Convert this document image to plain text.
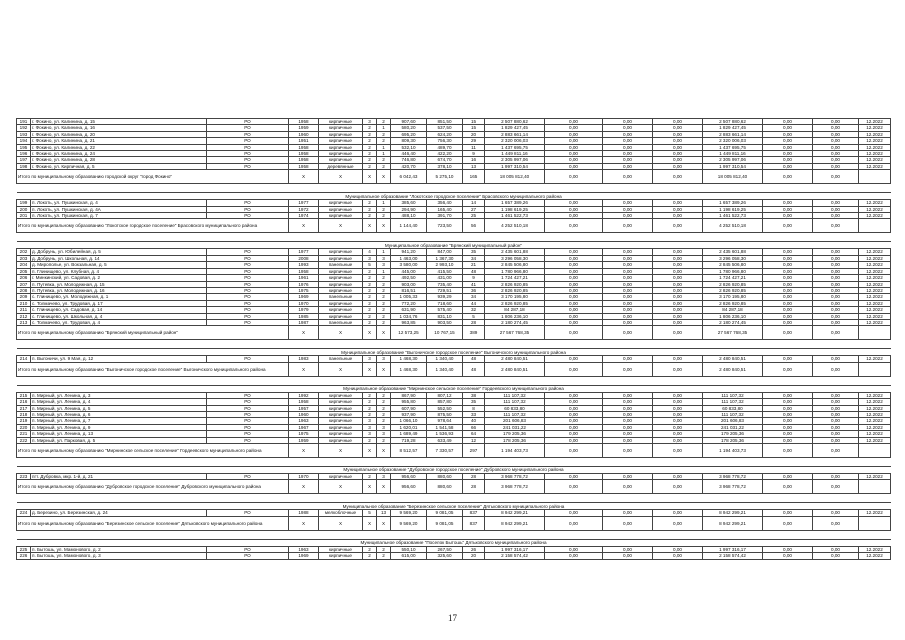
191	г. Фокино, ул. Калинина, д. 15	РО	1958	кирпичные	3	2	907,60	851,50	15	2 507 880,62	0,00	0,00	0,00	2 507 880,62	0,00	0,00	12.2022
192	г. Фокино, ул. Калинина, д. 16	РО	1959	кирпичные	2	1	580,20	537,50	15	1 829 427,45	0,00	0,00	0,00	1 829 427,45	0,00	0,00	12.2022
193	г. Фокино, ул. Калинина, д. 20	РО	1960	кирпичные	2	2	695,20	624,20	20	2 883 661,14	0,00	0,00	0,00	2 883 661,14	0,00	0,00	12.2022
194	г. Фокино, ул. Калинина, д. 21	РО	1951	кирпичные	2	2	809,30	756,30	29	2 320 006,03	0,00	0,00	0,00	2 320 006,03	0,00	0,00	12.2022
195	г. Фокино, ул. Калинина, д. 22	РО	1958	кирпичные	2	1	532,10	489,70	11	1 437 695,75	0,00	0,00	0,00	1 437 695,75	0,00	0,00	12.2022
196	г. Фокино, ул. Калинина, д. 24	РО	1958	кирпичные	2	1	446,40	422,20	9	1 449 811,16	0,00	0,00	0,00	1 449 811,16	0,00	0,00	12.2022
197	г. Фокино, ул. Калинина, д. 28	РО	1958	кирпичные	2	2	746,80	674,70	16	2 305 997,06	0,00	0,00	0,00	2 305 997,06	0,00	0,00	12.2022
198	г. Фокино, ул. Кирпичная, д. 5	РО	1958	деревянные	2	2	420,70	378,10	13	1 997 310,54	0,00	0,00	0,00	1 997 310,54	0,00	0,00	12.2022
Итого по муниципальному образованию городской округ "город Фокино"			X	X	X	X	6 042,43	5 275,10	165	18 005 812,40	0,00	0,00	0,00	18 005 812,40	0,00	0,00	

Муниципальное образование "Локотское городское поселение" Брасовского муниципального района																	
199	п. Локоть, ул. Пушкинская, д. 4	РО	1977	кирпичные	2	1	385,60	356,40	14	1 657 389,26	0,00	0,00	0,00	1 657 389,26	0,00	0,00	12.2022
200	п. Локоть, ул. Пушкинская, д. 4А	РО	1972	кирпичные	2	2	294,90	165,40	27	1 198 619,25	0,00	0,00	0,00	1 198 619,25	0,00	0,00	12.2022
201	п. Локоть, ул. Пушкинская, д. 7	РО	1974	кирпичные	2	2	488,10	391,70	25	1 461 522,73	0,00	0,00	0,00	1 461 522,73	0,00	0,00	12.2022
Итого по муниципальному образованию "Локотское городское поселение" Брасовского муниципального района			X	X	X	X	1 144,40	723,50	56	4 252 510,18	0,00	0,00	0,00	4 252 510,18	0,00	0,00	

Муниципальное образование "Брянский муниципальный район"																	
202	д. Добрунь, ул. Юбилейная, д. 5	РО	1977	кирпичные	4	1	941,20	847,00	35	2 435 601,88	0,00	0,00	0,00	2 435 601,88	0,00	0,00	12.2022
203	д. Добрунь, ул. Школьная, д. 14	РО	2008	кирпичные	3	3	1 463,00	1 367,30	34	3 296 058,30	0,00	0,00	0,00	3 296 058,30	0,00	0,00	12.2022
204	д. Мирополье, ул. Вокзальная, д. 5	РО	1993	панельные	5	3	3 580,00	2 993,10	21	2 845 506,80	0,00	0,00	0,00	2 845 506,80	0,00	0,00	12.2022
205	п. Глинищево, ул. Клубная, д. 4	РО	1958	кирпичные	2	1	445,00	415,50	48	1 780 966,80	0,00	0,00	0,00	1 780 966,80	0,00	0,00	12.2022
206	г. Минкинский, ул. Садовая, д. 2	РО	1961	кирпичные	2	2	492,50	431,00	9	1 724 427,21	0,00	0,00	0,00	1 724 427,21	0,00	0,00	12.2022
207	п. Путевка, ул. Молодежная, д. 15	РО	1976	кирпичные	2	2	903,00	735,40	41	2 826 920,85	0,00	0,00	0,00	2 826 920,85	0,00	0,00	12.2022
208	п. Путевка, ул. Молодежная, д. 16	РО	1975	кирпичные	2	2	816,51	729,51	36	2 826 920,85	0,00	0,00	0,00	2 826 920,85	0,00	0,00	12.2022
209	с. Глинищево, ул. Молодежная, д. 1	РО	1969	панельные	2	2	1 005,33	939,29	34	3 170 195,80	0,00	0,00	0,00	3 170 195,80	0,00	0,00	12.2022
210	с. Толмачево, ул. Трудовая, д. 17	РО	1970	кирпичные	2	2	772,20	718,60	44	2 826 920,85	0,00	0,00	0,00	2 826 920,85	0,00	0,00	12.2022
211	с. Глинищево, ул. Садовая, д. 14	РО	1979	кирпичные	2	2	631,90	575,40	32	84 287,18	0,00	0,00	0,00	84 287,18	0,00	0,00	12.2022
212	с. Глинищево, ул. Школьная, д. 4	РО	1985	кирпичные	2	2	1 034,76	831,10	5	1 806 236,10	0,00	0,00	0,00	1 806 236,10	0,00	0,00	12.2022
213	с. Толмачево, ул. Трудовая, д. 4	РО	1987	панельные	2	2	963,85	903,50	28	2 180 274,45	0,00	0,00	0,00	2 180 274,45	0,00	0,00	12.2022
Итого по муниципальному образованию "Брянский муниципальный район"			X	X	X	X	12 573,25	10 767,15	389	27 567 768,35	0,00	0,00	0,00	27 567 768,35	0,00	0,00	

Муниципальное образование "Выгоничское городское поселение" Выгоничского муниципального района																	
214	п. Выгоничи, ул. 9 Мая, д. 12	РО	1983	панельные	3	3	1 468,30	1 340,40	48	2 480 840,51	0,00	0,00	0,00	2 480 840,51	0,00	0,00	12.2022
Итого по муниципальному образованию "Выгоничское городское поселение" Выгоничского муниципального района			X	X	X	X	1 468,30	1 340,40	48	2 480 840,51	0,00	0,00	0,00	2 480 840,51	0,00	0,00	

Муниципальное образование "Мирнинское сельское поселение" Гордеевского муниципального района																	
215	п. Мирный, ул. Ленина, д. 3	РО	1992	кирпичные	2	2	867,90	807,12	38	111 107,32	0,00	0,00	0,00	111 107,32	0,00	0,00	12.2022
216	п. Мирный, ул. Ленина, д. 4	РО	1958	кирпичные	2	2	955,80	857,80	35	111 107,32	0,00	0,00	0,00	111 107,32	0,00	0,00	12.2022
217	п. Мирный, ул. Ленина, д. 5	РО	1957	кирпичные	2	2	607,90	552,50	8	60 833,80	0,00	0,00	0,00	60 833,80	0,00	0,00	12.2022
218	п. Мирный, ул. Ленина, д. 6	РО	1960	кирпичные	2	2	937,90	875,50	33	111 107,32	0,00	0,00	0,00	111 107,32	0,00	0,00	12.2022
219	п. Мирный, ул. Ленина, д. 7	РО	1963	кирпичные	3	2	1 066,10	978,64	40	201 606,83	0,00	0,00	0,00	201 606,83	0,00	0,00	12.2022
220	п. Мирный, ул. Ленина, д. 9	РО	1967	кирпичные	3	3	1 620,01	1 541,58	66	241 031,22	0,00	0,00	0,00	241 031,22	0,00	0,00	12.2022
221	п. Мирный, ул. Ленина, д. 13	РО	1975	кирпичные	3	3	1 689,49	1 536,93	64	179 205,36	0,00	0,00	0,00	179 205,36	0,00	0,00	12.2022
222	п. Мирный, ул. Парковая, д. 5	РО	1959	кирпичные	2	2	719,28	633,49	12	178 205,36	0,00	0,00	0,00	178 205,36	0,00	0,00	12.2022
Итого по муниципальному образованию "Мирнинское сельское поселение" Гордеевского муниципального района			X	X	X	X	8 512,57	7 330,57	297	1 194 403,73	0,00	0,00	0,00	1 194 403,73	0,00	0,00	

Муниципальное образование "Дубровское городское поселение" Дубровского муниципального района																	
223	пгт. Дубровка, мкр. 1-й, д. 21	РО	1970	кирпичные	2	3	956,60	880,60	28	3 968 778,72	0,00	0,00	0,00	3 968 778,72	0,00	0,00	12.2022
Итого по муниципальному образованию "Дубровское городское поселение" Дубровского муниципального района			X	X	X	X	956,60	880,60	28	3 968 778,72	0,00	0,00	0,00	3 968 778,72	0,00	0,00	

Муниципальное образование "Березинское сельское поселение" Дятьковского муниципального района																	
224	д. Березино, ул. Березинская, д. 24	РО	1988	мелкоблочные	5	13	9 569,20	9 081,05	837	8 942 299,21	0,00	0,00	0,00	8 942 299,21	0,00	0,00	12.2022
Итого по муниципальному образованию "Березинское сельское поселение" Дятьковского муниципального района			X	X	X	X	9 569,20	9 081,05	837	8 942 299,21	0,00	0,00	0,00	8 942 299,21	0,00	0,00	

Муниципальное образование "Поселок Бытошь" Дятьковского муниципального района																	
225	п. Бытошь, ул. Мамонового, д. 2	РО	1963	кирпичные	2	2	550,10	267,50	26	1 997 316,17	0,00	0,00	0,00	1 997 316,17	0,00	0,00	12.2022
226	п. Бытошь, ул. Мамонового, д. 3	РО	1969	кирпичные	2	2	615,00	325,60	20	2 158 574,42	0,00	0,00	0,00	2 158 574,42	0,00	0,00	12.2022
17
